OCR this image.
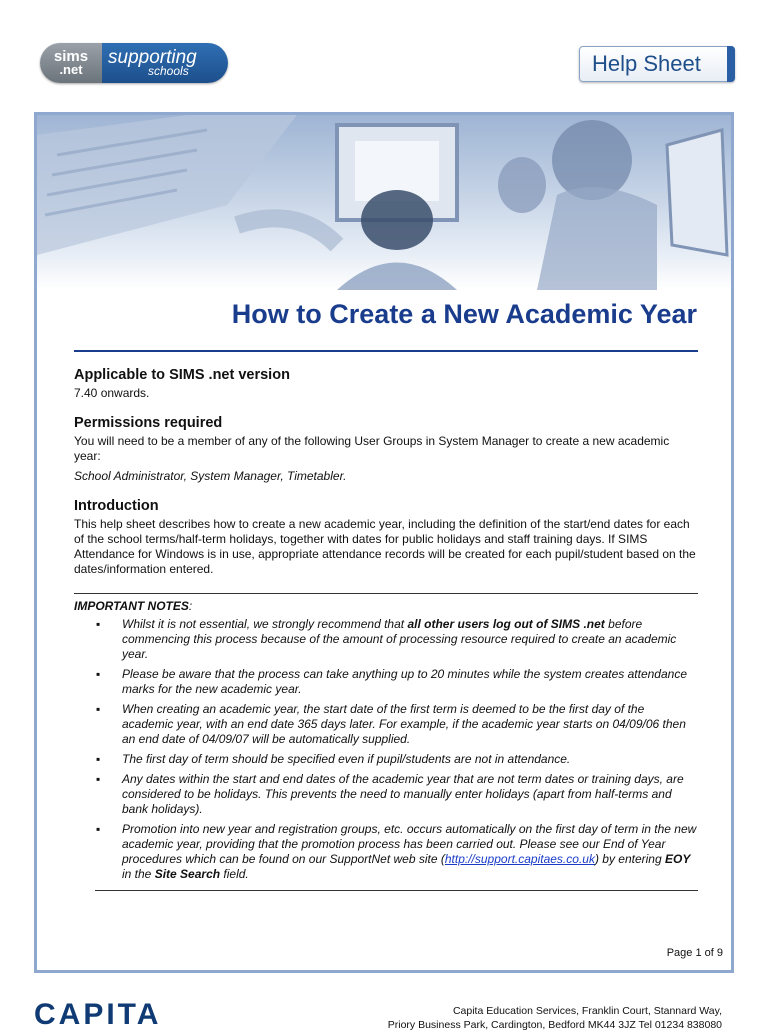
sims
.net
supporting
schools	Help Sheet
How to Create a New Academic Year
Applicable to SIMS .net version

7.40 onwards.

Permissions required

You will need to be a member of any of the following User Groups in System Manager to create a new academic year:

School Administrator, System Manager, Timetabler.

Introduction

This help sheet describes how to create a new academic year, including the definition of the start/end dates for each of the school terms/half-term holidays, together with dates for public holidays and staff training days. If SIMS Attendance for Windows is in use, appropriate attendance records will be created for each pupil/student based on the dates/information entered.

IMPORTANT NOTES:
▪ Whilst it is not essential, we strongly recommend that all other users log out of SIMS .net before commencing this process because of the amount of processing resource required to create an academic year.
▪ Please be aware that the process can take anything up to 20 minutes while the system creates attendance marks for the new academic year.
▪ When creating an academic year, the start date of the first term is deemed to be the first day of the academic year, with an end date 365 days later. For example, if the academic year starts on 04/09/06 then an end date of 04/09/07 will be automatically supplied.
▪ The first day of term should be specified even if pupil/students are not in attendance.
▪ Any dates within the start and end dates of the academic year that are not term dates or training days, are considered to be holidays. This prevents the need to manually enter holidays (apart from half-terms and bank holidays).
▪ Promotion into new year and registration groups, etc. occurs automatically on the first day of term in the new academic year, providing that the promotion process has been carried out. Please see our End of Year procedures which can be found on our SupportNet web site (http://support.capitaes.co.uk) by entering EOY in the Site Search field.
Page 1 of 9
CAPITA	Capita Education Services, Franklin Court, Stannard Way,
Priory Business Park, Cardington, Bedford MK44 3JZ Tel 01234 838080
